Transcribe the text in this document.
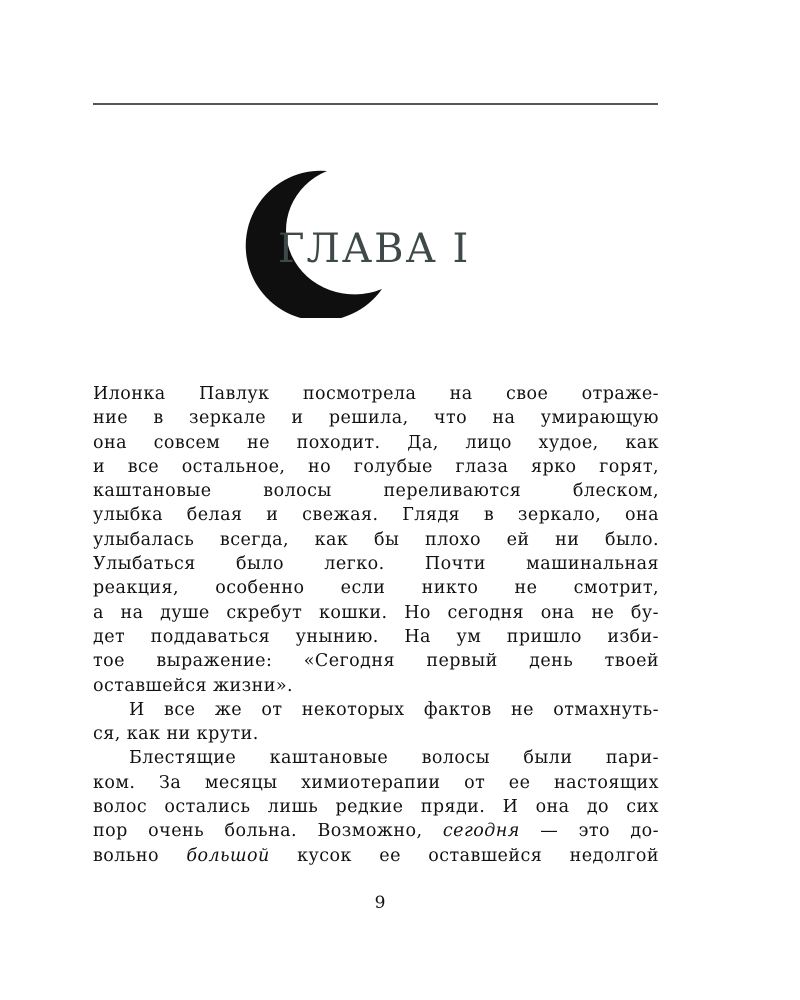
ГЛАВА I
Илонка Павлук посмотрела на свое отраже-
ние в зеркале и решила, что на умирающую
она совсем не походит. Да, лицо худое, как
и все остальное, но голубые глаза ярко горят,
каштановые волосы переливаются блеском,
улыбка белая и свежая. Глядя в зеркало, она
улыбалась всегда, как бы плохо ей ни было.
Улыбаться было легко. Почти машинальная
реакция, особенно если никто не смотрит,
а на душе скребут кошки. Но сегодня она не бу-
дет поддаваться унынию. На ум пришло изби-
тое выражение: «Сегодня первый день твоей
оставшейся жизни».
И все же от некоторых фактов не отмахнуть-
ся, как ни крути.
Блестящие каштановые волосы были пари-
ком. За месяцы химиотерапии от ее настоящих
волос остались лишь редкие пряди. И она до сих
пор очень больна. Возможно, сегодня — это до-
вольно большой кусок ее оставшейся недолгой
9
